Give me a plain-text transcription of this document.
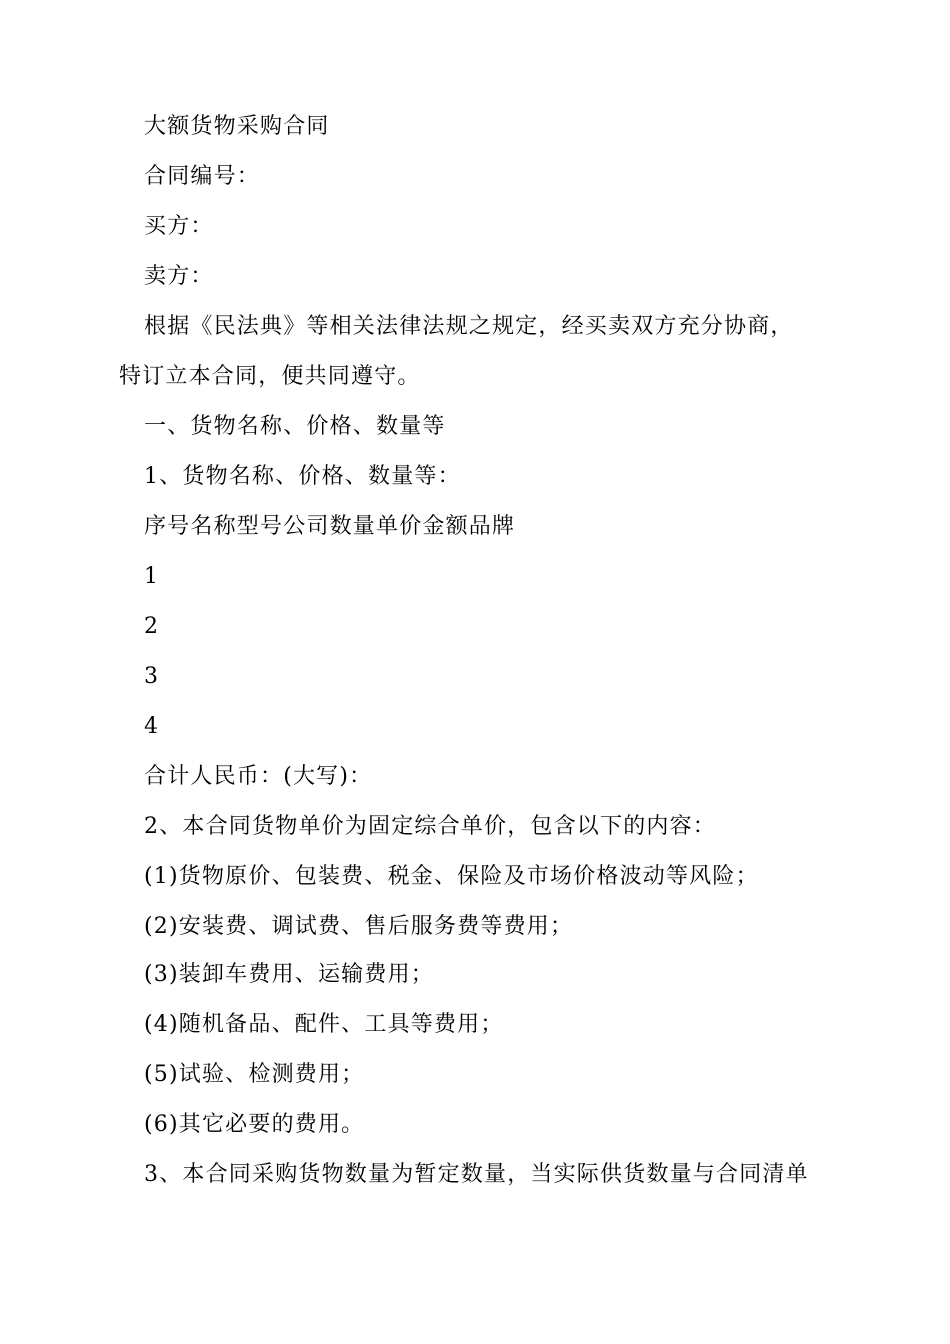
大额货物采购合同
合同编号：
买方：
卖方：
根据《民法典》等相关法律法规之规定，经买卖双方充分协商，
特订立本合同，便共同遵守。
一、货物名称、价格、数量等
1、货物名称、价格、数量等：
序号名称型号公司数量单价金额品牌
1
2
3
4
合计人民币：(大写)：
2、本合同货物单价为固定综合单价，包含以下的内容：
(1)货物原价、包装费、税金、保险及市场价格波动等风险；
(2)安装费、调试费、售后服务费等费用；
(3)装卸车费用、运输费用；
(4)随机备品、配件、工具等费用；
(5)试验、检测费用；
(6)其它必要的费用。
3、本合同采购货物数量为暂定数量，当实际供货数量与合同清单
